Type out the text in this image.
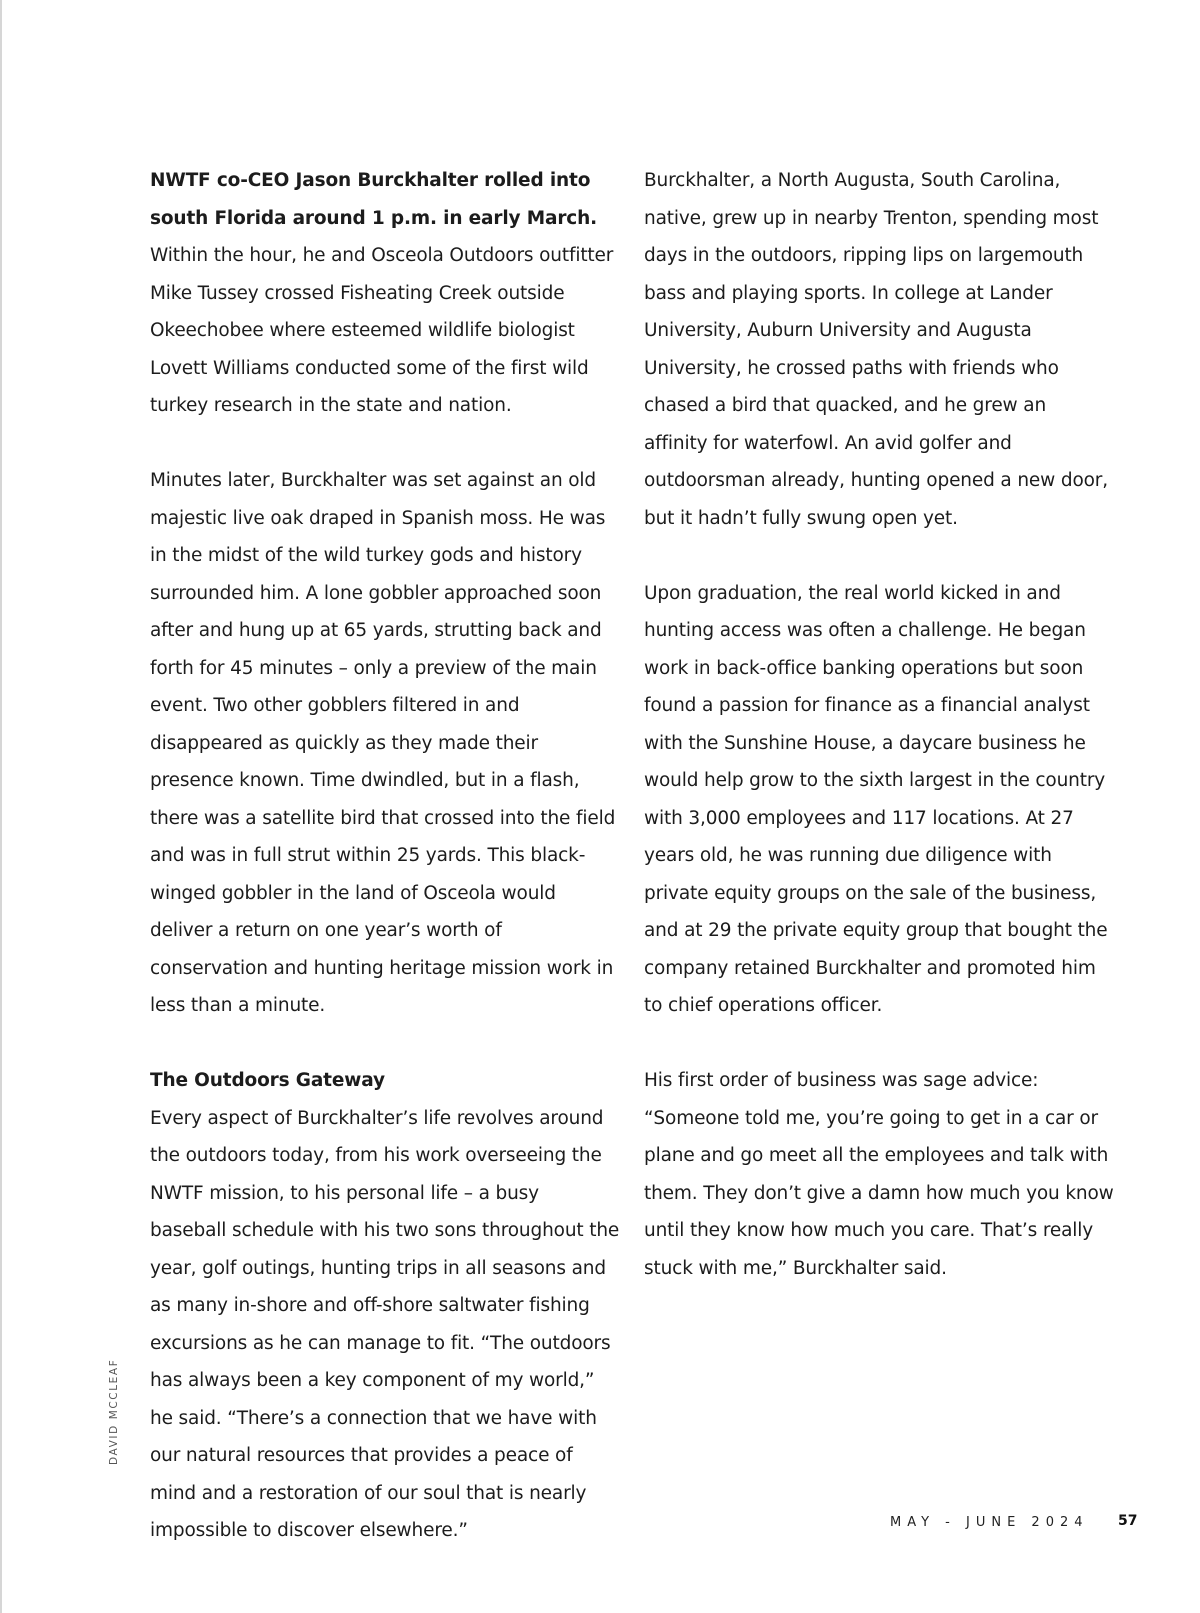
NWTF co-CEO Jason Burckhalter rolled into south Florida around 1 p.m. in early March.
Within the hour, he and Osceola Outdoors outfitter Mike Tussey crossed Fisheating Creek outside Okeechobee where esteemed wildlife biologist Lovett Williams conducted some of the first wild turkey research in the state and nation.

Minutes later, Burckhalter was set against an old majestic live oak draped in Spanish moss. He was in the midst of the wild turkey gods and history surrounded him. A lone gobbler approached soon after and hung up at 65 yards, strutting back and forth for 45 minutes – only a preview of the main event. Two other gobblers filtered in and disappeared as quickly as they made their presence known. Time dwindled, but in a flash, there was a satellite bird that crossed into the field and was in full strut within 25 yards. This black-winged gobbler in the land of Osceola would deliver a return on one year’s worth of conservation and hunting heritage mission work in less than a minute.

The Outdoors Gateway
Every aspect of Burckhalter’s life revolves around the outdoors today, from his work overseeing the NWTF mission, to his personal life – a busy baseball schedule with his two sons throughout the year, golf outings, hunting trips in all seasons and as many in-shore and off-shore saltwater fishing excursions as he can manage to fit. “The outdoors has always been a key component of my world,” he said. “There’s a connection that we have with our natural resources that provides a peace of mind and a restoration of our soul that is nearly impossible to discover elsewhere.”

Burckhalter, a North Augusta, South Carolina, native, grew up in nearby Trenton, spending most days in the outdoors, ripping lips on largemouth bass and playing sports. In college at Lander University, Auburn University and Augusta University, he crossed paths with friends who chased a bird that quacked, and he grew an affinity for waterfowl. An avid golfer and outdoorsman already, hunting opened a new door, but it hadn’t fully swung open yet.

Upon graduation, the real world kicked in and hunting access was often a challenge. He began work in back-office banking operations but soon found a passion for finance as a financial analyst with the Sunshine House, a daycare business he would help grow to the sixth largest in the country with 3,000 employees and 117 locations. At 27 years old, he was running due diligence with private equity groups on the sale of the business, and at 29 the private equity group that bought the company retained Burckhalter and promoted him to chief operations officer.

His first order of business was sage advice: “Someone told me, you’re going to get in a car or plane and go meet all the employees and talk with them. They don’t give a damn how much you know until they know how much you care. That’s really stuck with me,” Burckhalter said.

DAVID MCCLEAF
MAY - JUNE 2024 57
